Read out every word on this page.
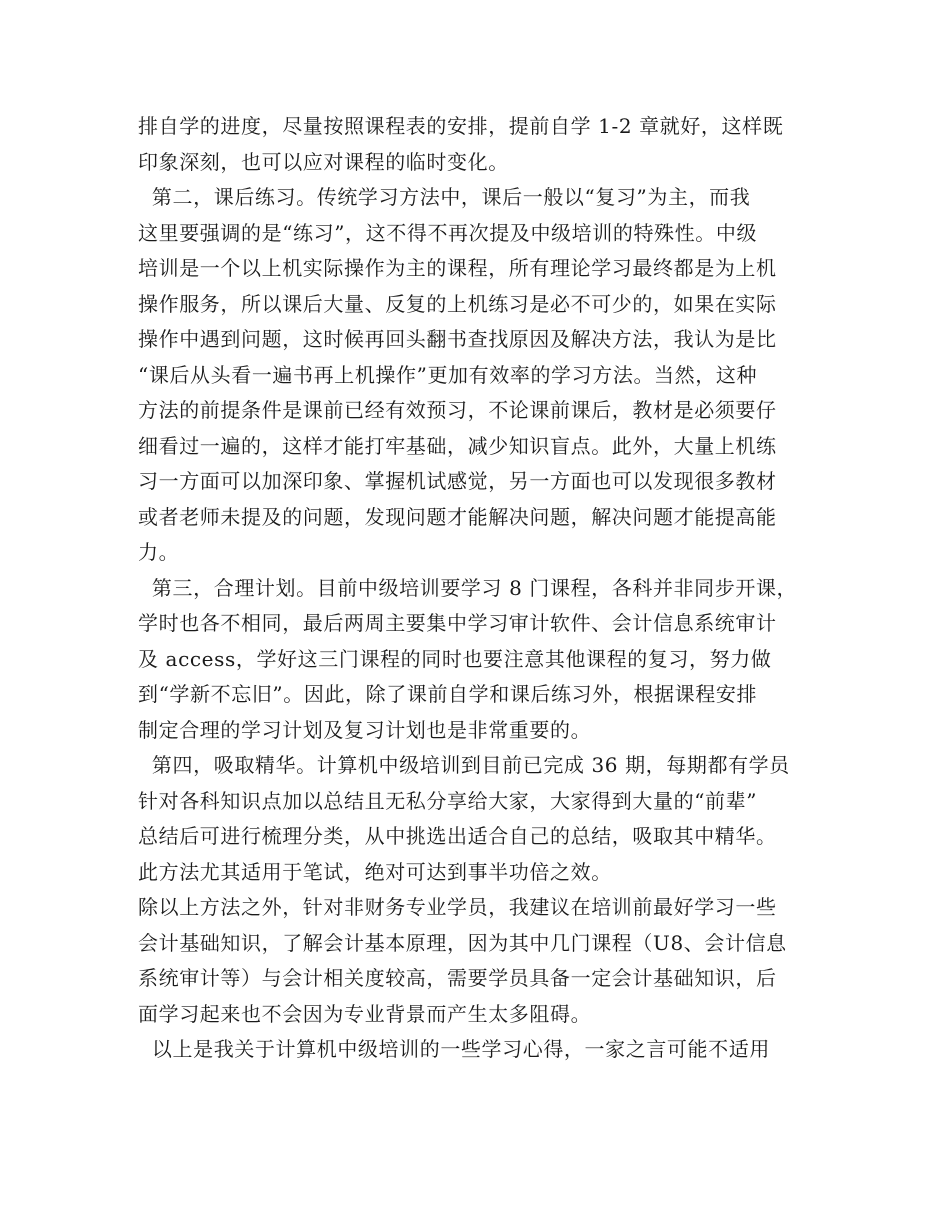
排自学的进度，尽量按照课程表的安排，提前自学 1-2 章就好，这样既
印象深刻，也可以应对课程的临时变化。
第二，课后练习。传统学习方法中，课后一般以“复习”为主，而我
这里要强调的是“练习”，这不得不再次提及中级培训的特殊性。中级
培训是一个以上机实际操作为主的课程，所有理论学习最终都是为上机
操作服务，所以课后大量、反复的上机练习是必不可少的，如果在实际
操作中遇到问题，这时候再回头翻书查找原因及解决方法，我认为是比
“课后从头看一遍书再上机操作”更加有效率的学习方法。当然，这种
方法的前提条件是课前已经有效预习，不论课前课后，教材是必须要仔
细看过一遍的，这样才能打牢基础，减少知识盲点。此外，大量上机练
习一方面可以加深印象、掌握机试感觉，另一方面也可以发现很多教材
或者老师未提及的问题，发现问题才能解决问题，解决问题才能提高能
力。
第三，合理计划。目前中级培训要学习 8 门课程，各科并非同步开课，
学时也各不相同，最后两周主要集中学习审计软件、会计信息系统审计
及 access，学好这三门课程的同时也要注意其他课程的复习，努力做
到“学新不忘旧”。因此，除了课前自学和课后练习外，根据课程安排
制定合理的学习计划及复习计划也是非常重要的。
第四，吸取精华。计算机中级培训到目前已完成 36 期，每期都有学员
针对各科知识点加以总结且无私分享给大家，大家得到大量的“前辈”
总结后可进行梳理分类，从中挑选出适合自己的总结，吸取其中精华。
此方法尤其适用于笔试，绝对可达到事半功倍之效。
除以上方法之外，针对非财务专业学员，我建议在培训前最好学习一些
会计基础知识，了解会计基本原理，因为其中几门课程（U8、会计信息
系统审计等）与会计相关度较高，需要学员具备一定会计基础知识，后
面学习起来也不会因为专业背景而产生太多阻碍。
以上是我关于计算机中级培训的一些学习心得，一家之言可能不适用
